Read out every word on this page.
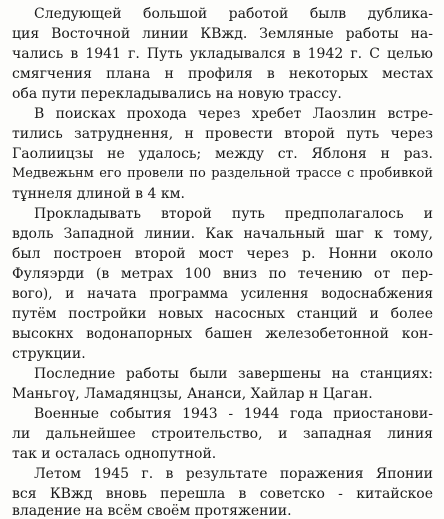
Следующей большой работой былв дублика-
ция Восточной линии КВжд. Земляные работы на-
чались в 1941 г. Путь укладывался в 1942 г. С целью
смягчения плана н профиля в некоторых местах
оба пути перекладывались на новую трассу.
В поисках прохода через хребет Лаозлин встре-
тились затруднення, н провести второй путь через
Гаолиицзы не удалось; между ст. Яблоня н раз.
Медвежьнм его провели по раздельной трассе с пробивкой
тұннеля длиной в 4 км.
Прокладывать второй путь предполагалось и
вдоль Западной линии. Как начальный шаг к тому,
был построен второй мост через р. Нонни около
Фуляэрди (в метрах 100 вниз по течению от пер-
вого), и начата программа усилення водоснабжения
путём постройки новых насосных станций и более
высокнх водонапорных башен железобетонной кон-
струкции.
Последние работы были завершены на станциях:
Маньгоү, Ламадянцзы, Ананси, Хайлар н Цаган.
Военные события 1943 - 1944 года приостанови-
ли дальнейшее строительство, и западная линия
так и осталась однопутной.
Летом 1945 г. в результате поражения Японии
вся КВжд вновь перешла в советско - китайское
владение на всём своём протяжении.
